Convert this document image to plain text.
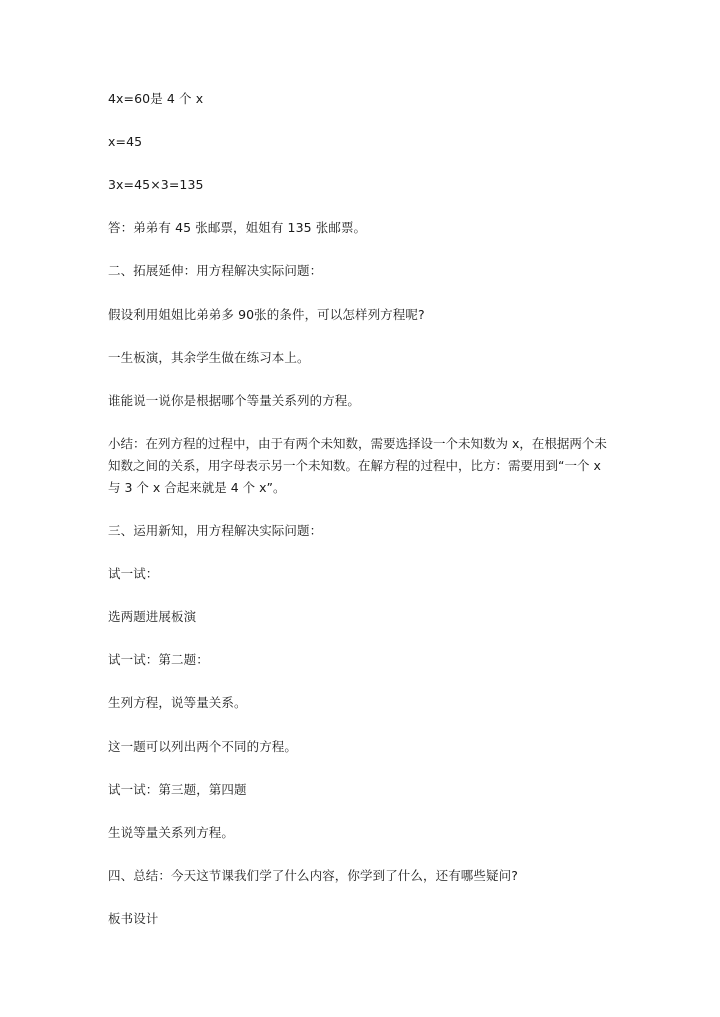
4x=60是 4 个 x
x=45
3x=45×3=135
答：弟弟有 45 张邮票，姐姐有 135 张邮票。
二、拓展延伸：用方程解决实际问题：
假设利用姐姐比弟弟多 90张的条件，可以怎样列方程呢?
一生板演，其余学生做在练习本上。
谁能说一说你是根据哪个等量关系列的方程。
小结：在列方程的过程中，由于有两个未知数，需要选择设一个未知数为 x，在根据两个未
知数之间的关系，用字母表示另一个未知数。在解方程的过程中，比方：需要用到“一个 x
与 3 个 x 合起来就是 4 个 x”。
三、运用新知，用方程解决实际问题：
试一试：
选两题进展板演
试一试：第二题：
生列方程，说等量关系。
这一题可以列出两个不同的方程。
试一试：第三题，第四题
生说等量关系列方程。
四、总结：今天这节课我们学了什么内容，你学到了什么，还有哪些疑问?
板书设计
